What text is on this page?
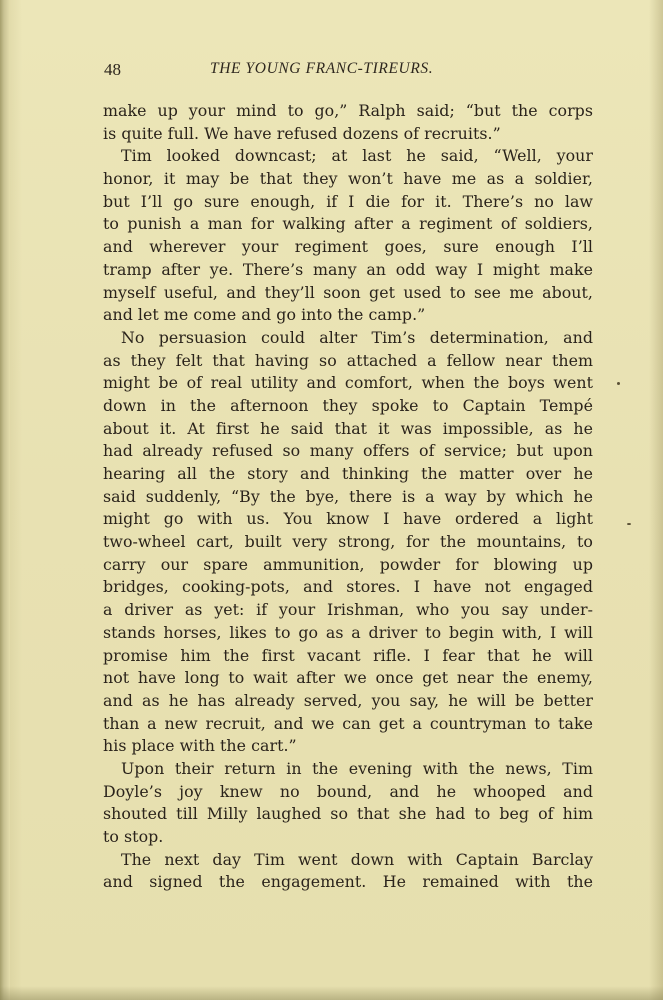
48	THE YOUNG FRANC-TIREURS.
make up your mind to go,” Ralph said; “but the corps
is quite full. We have refused dozens of recruits.”
Tim looked downcast; at last he said, “Well, your
honor, it may be that they won’t have me as a soldier,
but I’ll go sure enough, if I die for it. There’s no law
to punish a man for walking after a regiment of soldiers,
and wherever your regiment goes, sure enough I’ll
tramp after ye. There’s many an odd way I might make
myself useful, and they’ll soon get used to see me about,
and let me come and go into the camp.”
No persuasion could alter Tim’s determination, and
as they felt that having so attached a fellow near them
might be of real utility and comfort, when the boys went
down in the afternoon they spoke to Captain Tempé
about it. At first he said that it was impossible, as he
had already refused so many offers of service; but upon
hearing all the story and thinking the matter over he
said suddenly, “By the bye, there is a way by which he
might go with us. You know I have ordered a light
two-wheel cart, built very strong, for the mountains, to
carry our spare ammunition, powder for blowing up
bridges, cooking-pots, and stores. I have not engaged
a driver as yet: if your Irishman, who you say under-
stands horses, likes to go as a driver to begin with, I will
promise him the first vacant rifle. I fear that he will
not have long to wait after we once get near the enemy,
and as he has already served, you say, he will be better
than a new recruit, and we can get a countryman to take
his place with the cart.”
Upon their return in the evening with the news, Tim
Doyle’s joy knew no bound, and he whooped and
shouted till Milly laughed so that she had to beg of him
to stop.
The next day Tim went down with Captain Barclay
and signed the engagement. He remained with the
